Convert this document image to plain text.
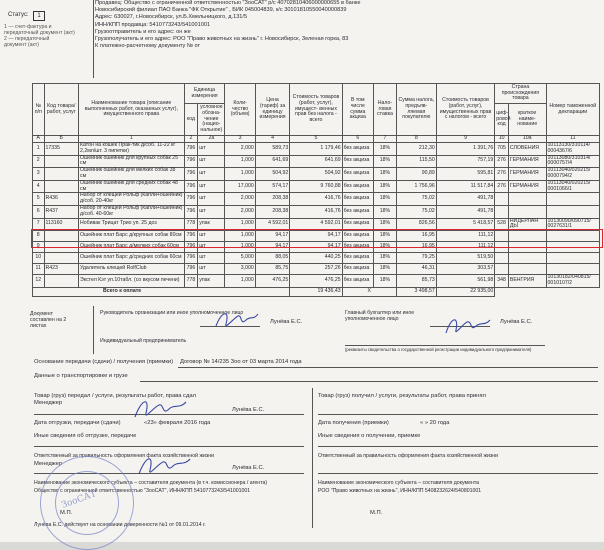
Статус:	1
1 — счет-фактура и
передаточный документ (акт)
2 — передаточный
документ (акт)
Продавец: Общество с ограниченной ответственностью "ЗооСАТ" р/с 40702810406000000655 в банке
Новосибирский филиал ПАО Банка "ФК Открытие" , БИК 045004839, к/с 30101810550040000839
Адрес: 630027, г.Новосибирск, ул.Б.Хмельницкого, д.131/5
ИНН/КПП продавца: 5410773243/541001001
Грузоотправитель и его адрес: он же
Грузополучатель и его адрес: РОО "Право животных на жизнь" г. Новосибирск, Зеленая горка, 83
К платежно-расчетному документу № от
№ п/п	Код товара/ работ, услуг	Наименование товара (описание выполненных работ, оказанных услуг), имущественного права	Единица измерения		Коли- чество (объем)	Цена (тариф) за единицу измерения	Стоимость товаров (работ, услуг), имущест- венных прав без налога - всего	В том числе сумма акциза	Нало- говая ставка	Сумма налога, предъяв- ляемая покупателю	Стоимость товаров (работ, услуг), имущественных прав с налогом - всего	Страна происхождения товара		Номер таможенной декларации
			код	условное обозна- чение (нацио- нальное)								циф- ровой код	краткое наиме- нование	
А	Б	1	2	2а	3	4	5	6	7	8	9	10	10а	11
1	17335	Катон на кошек Прак-тик д/соб. 11-22 кг 2,2мл/шт. 3 пипетки)	796	шт	2,000	589,73	1 179,46	без акциза	18%	212,30	1 391,76	705	СЛОВЕНИЯ	10113130/310114/ 0004367/6
2		Ошейник ошейник для крупных собак 25 см	796	шт	1,000	641,69	641,69	без акциза	18%	115,50	757,19	276	ГЕРМАНИЯ	10113080/310314/ 0000757/4
3		Ошейник ошейник для мелких собак 38 см	796	шт	1,000	504,92	504,92	без акциза	18%	90,89	595,81	276	ГЕРМАНИЯ	10113040/020215/ 0000794/2
4		Ошейник ошейник для средних собак 48 см	796	шт	17,000	574,17	9 760,88	без акциза	18%	1 756,96	11 517,84	276	ГЕРМАНИЯ	10113040/020215/ 0001066/1
5	R436	Набор от клещей Рольф (Капли+ошейник) д/соб. 20-40кг	796	шт	2,000	208,38	416,76	без акциза	18%	75,02	491,78			
6	R437	Набор от клещей Рольф (Капли+ошейник) д/соб. 40-60кг	796	шт	2,000	208,38	416,76	без акциза	18%	75,02	491,78			
7	113160	Нобивак Трицат Трио уп. 25 доз	778	упак	1,000	4 592,01	4 592,01	без акциза	18%	826,56	5 418,57	528	НИДЕРЛАН ДЫ	10130090/090715/ 0027631/1
8		Ошейник плат Барс д/крупных собак 80см	796	шт	1,000	94,17	94,17	без акциза	18%	16,95	111,12			
9		Ошейник плат Барс д/мелких собак 60см	796	шт	1,000	94,17	94,17	без акциза	18%	16,95	111,12			
10		Ошейник плат Барс д/средних собак 60см	796	шт	5,000	88,05	440,25	без акциза	18%	79,25	519,50			
11	R423	Удалитель клещей RolfClub	796	шт	3,000	85,75	257,26	без акциза	18%	46,31	303,57			
12		Экстел Кэт уп.10табл. (со вкусом печени)	778	упак	1,000	476,25	476,25	без акциза	18%	85,73	561,98	348	ВЕНГРИЯ	10130182/040815/ 0010107/2
Всего к оплате							19 436,43	X		3 498,57	22 935,00			
Документ составлен на 2 листах
Руководитель организации или иное уполномоченное лицо
Лунёва Е.С.
Главный бухгалтер или иное уполномоченное лицо	Лунёва Е.С.
Индивидуальный предприниматель
(реквизиты свидетельства о государственной регистрации индивидуального предпринимателя)
Основание передачи (сдачи) / получения (приемки) Договор № 14/235 Зоо от 03 марта 2014 года
Данные о транспортировке и грузе
Товар (груз) передал / услуги, результаты работ, права сдал
Менеджер
Лунёва Е.С.
Дата отгрузки, передачи (сдачи)	«23» февраля 2016 года
Иные сведения об отгрузке, передаче
Ответственный за правильность оформления факта хозяйственной жизни
Менеджер
Лунёва Е.С.
Наименование экономического субъекта – составителя документа (в т.ч. комиссионера / агента)
Общество с ограниченной ответственностью "ЗооСАТ", ИНН/КПП 5410773243/541001001
М.П.
Лунёва Е.С. действует на основании доверенности №1 от 09.01.2014 г.
ЗооСАТ
Товар (груз) получил / услуги, результаты работ, права принял
Дата получения (приемки)	« » 20 года
Иные сведения о получении, приемке
Ответственный за правильность оформления факта хозяйственной жизни
Наименование экономического субъекта – составителя документа
РОО "Право животных на жизнь", ИНН/КПП 5408232624/540801001
М.П.
